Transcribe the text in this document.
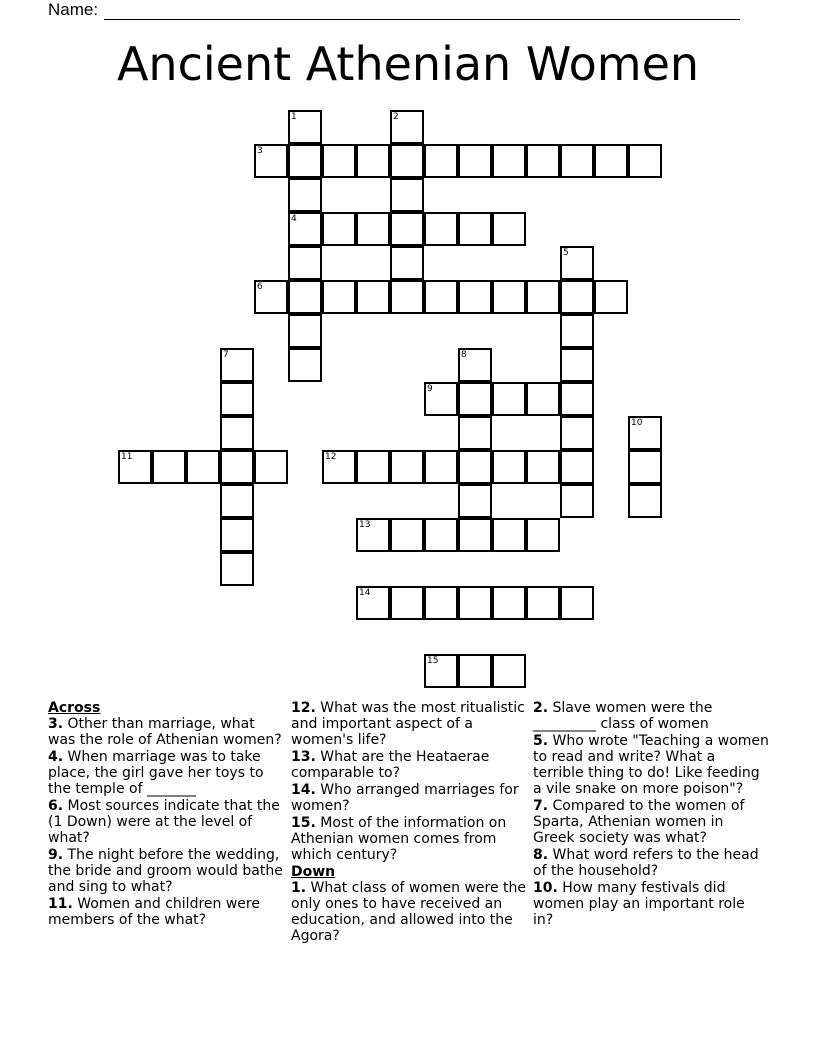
Name:
Ancient Athenian Women
1
4
2
3
5
6
7	8
9
10
11	12
13
14
15
Across
3. Other than marriage, what was the role of Athenian women?
4. When marriage was to take place, the girl gave her toys to the temple of _______
6. Most sources indicate that the (1 Down) were at the level of what?
9. The night before the wedding, the bride and groom would bathe and sing to what?
11. Women and children were members of the what?
12. What was the most ritualistic and important aspect of a women's life?
13. What are the Heataerae comparable to?
14. Who arranged marriages for women?
15. Most of the information on Athenian women comes from which century?
Down
1. What class of women were the only ones to have received an education, and allowed into the Agora?
2. Slave women were the _________ class of women
5. Who wrote "Teaching a women to read and write? What a terrible thing to do! Like feeding a vile snake on more poison"?
7. Compared to the women of Sparta, Athenian women in Greek society was what?
8. What word refers to the head of the household?
10. How many festivals did women play an important role in?
